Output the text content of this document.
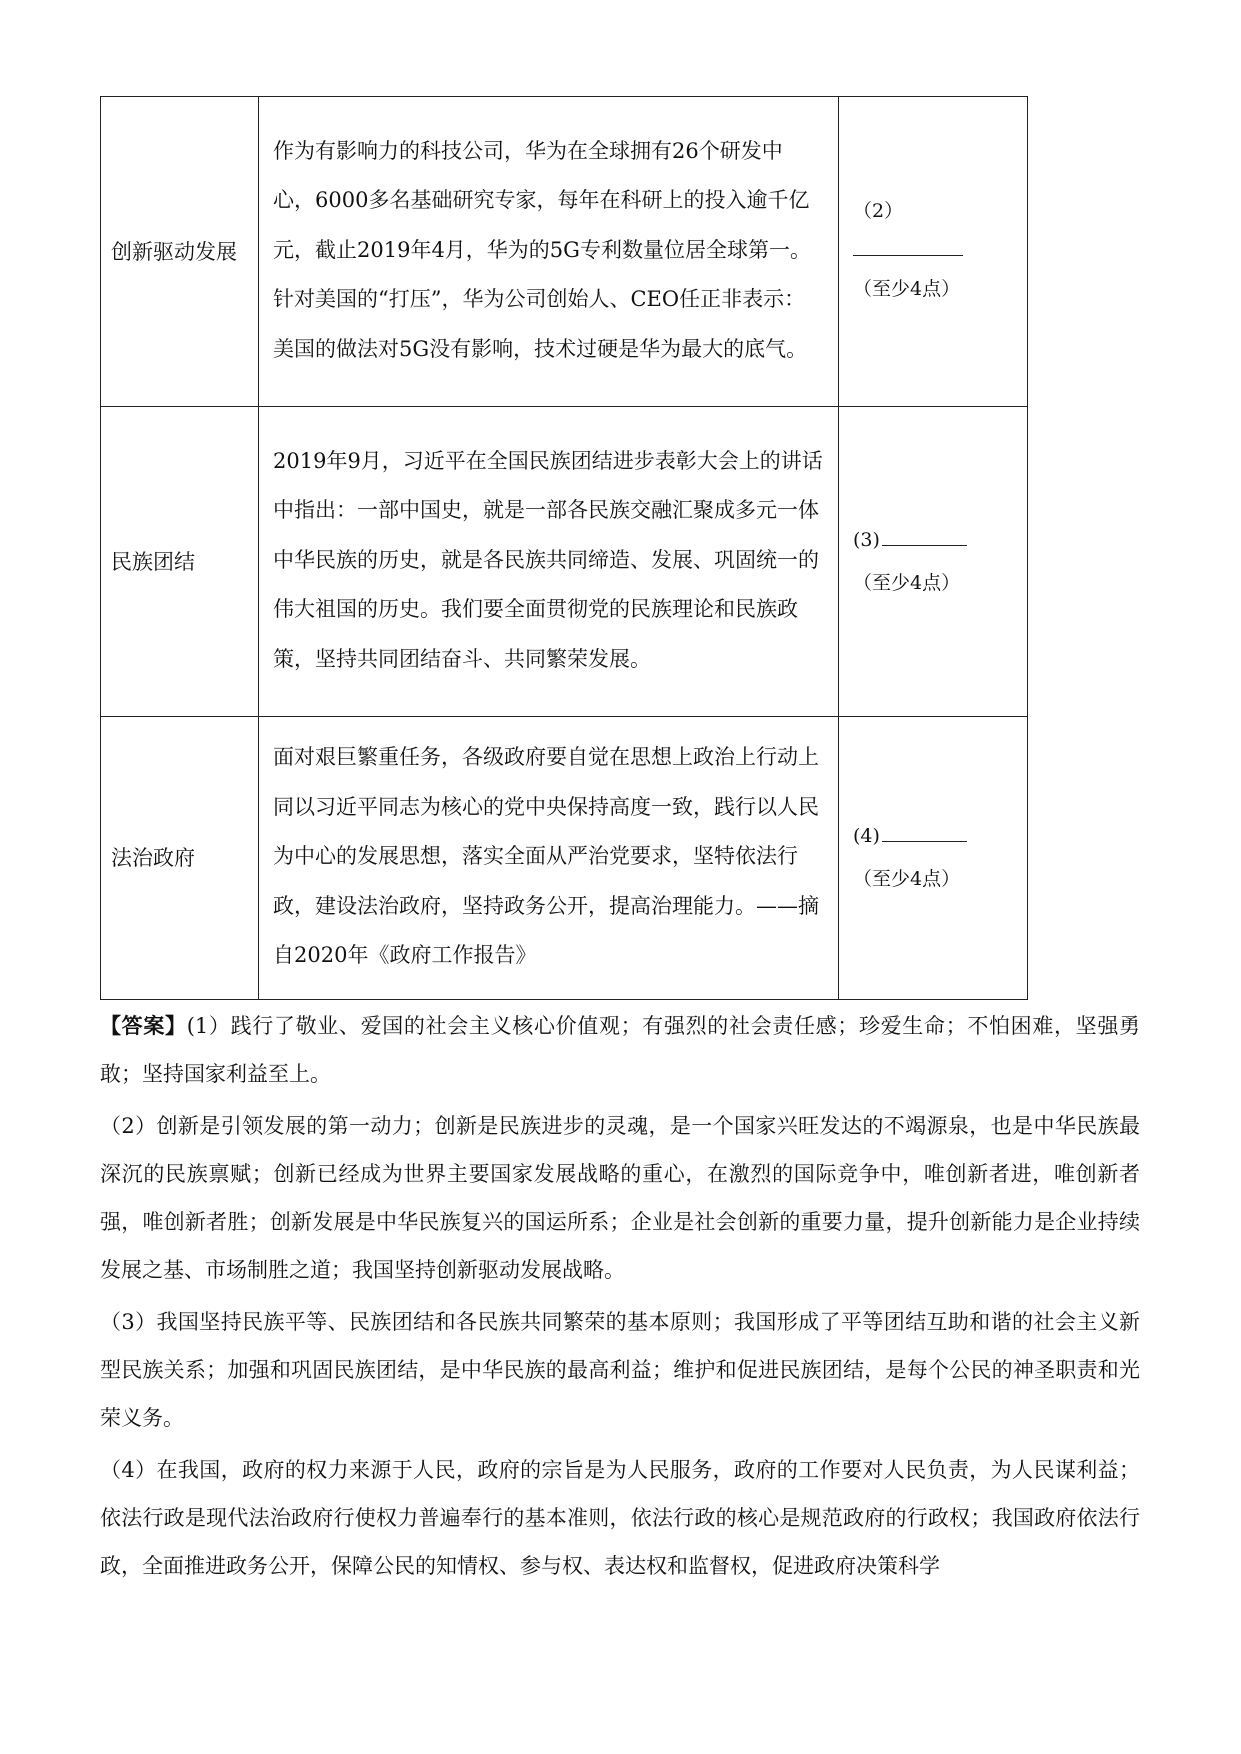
创新驱动发展	作为有影响力的科技公司，华为在全球拥有26个研发中心，6000多名基础研究专家，每年在科研上的投入逾千亿元，截止2019年4月，华为的5G专利数量位居全球第一。针对美国的“打压”，华为公司创始人、CEO任正非表示：美国的做法对5G没有影响，技术过硬是华为最大的底气。	（2）
（至少4点）

民族团结	2019年9月，习近平在全国民族团结进步表彰大会上的讲话中指出：一部中国史，就是一部各民族交融汇聚成多元一体中华民族的历史，就是各民族共同缔造、发展、巩固统一的伟大祖国的历史。我们要全面贯彻党的民族理论和民族政策，坚持共同团结奋斗、共同繁荣发展。	(3)
（至少4点）

法治政府	面对艰巨繁重任务，各级政府要自觉在思想上政治上行动上同以习近平同志为核心的党中央保持高度一致，践行以人民为中心的发展思想，落实全面从严治党要求，坚特依法行政，建设法治政府，坚持政务公开，提高治理能力。——摘自2020年《政府工作报告》	(4)
（至少4点）

【答案】(1）践行了敬业、爱国的社会主义核心价值观；有强烈的社会责任感；珍爱生命；不怕困难，坚强勇敢；坚持国家利益至上。

（2）创新是引领发展的第一动力；创新是民族进步的灵魂，是一个国家兴旺发达的不竭源泉，也是中华民族最深沉的民族禀赋；创新已经成为世界主要国家发展战略的重心，在激烈的国际竞争中，唯创新者进，唯创新者强，唯创新者胜；创新发展是中华民族复兴的国运所系；企业是社会创新的重要力量，提升创新能力是企业持续发展之基、市场制胜之道；我国坚持创新驱动发展战略。

（3）我国坚持民族平等、民族团结和各民族共同繁荣的基本原则；我国形成了平等团结互助和谐的社会主义新型民族关系；加强和巩固民族团结，是中华民族的最高利益；维护和促进民族团结，是每个公民的神圣职责和光荣义务。

（4）在我国，政府的权力来源于人民，政府的宗旨是为人民服务，政府的工作要对人民负责，为人民谋利益；依法行政是现代法治政府行使权力普遍奉行的基本准则，依法行政的核心是规范政府的行政权；我国政府依法行政，全面推进政务公开，保障公民的知情权、参与权、表达权和监督权，促进政府决策科学
